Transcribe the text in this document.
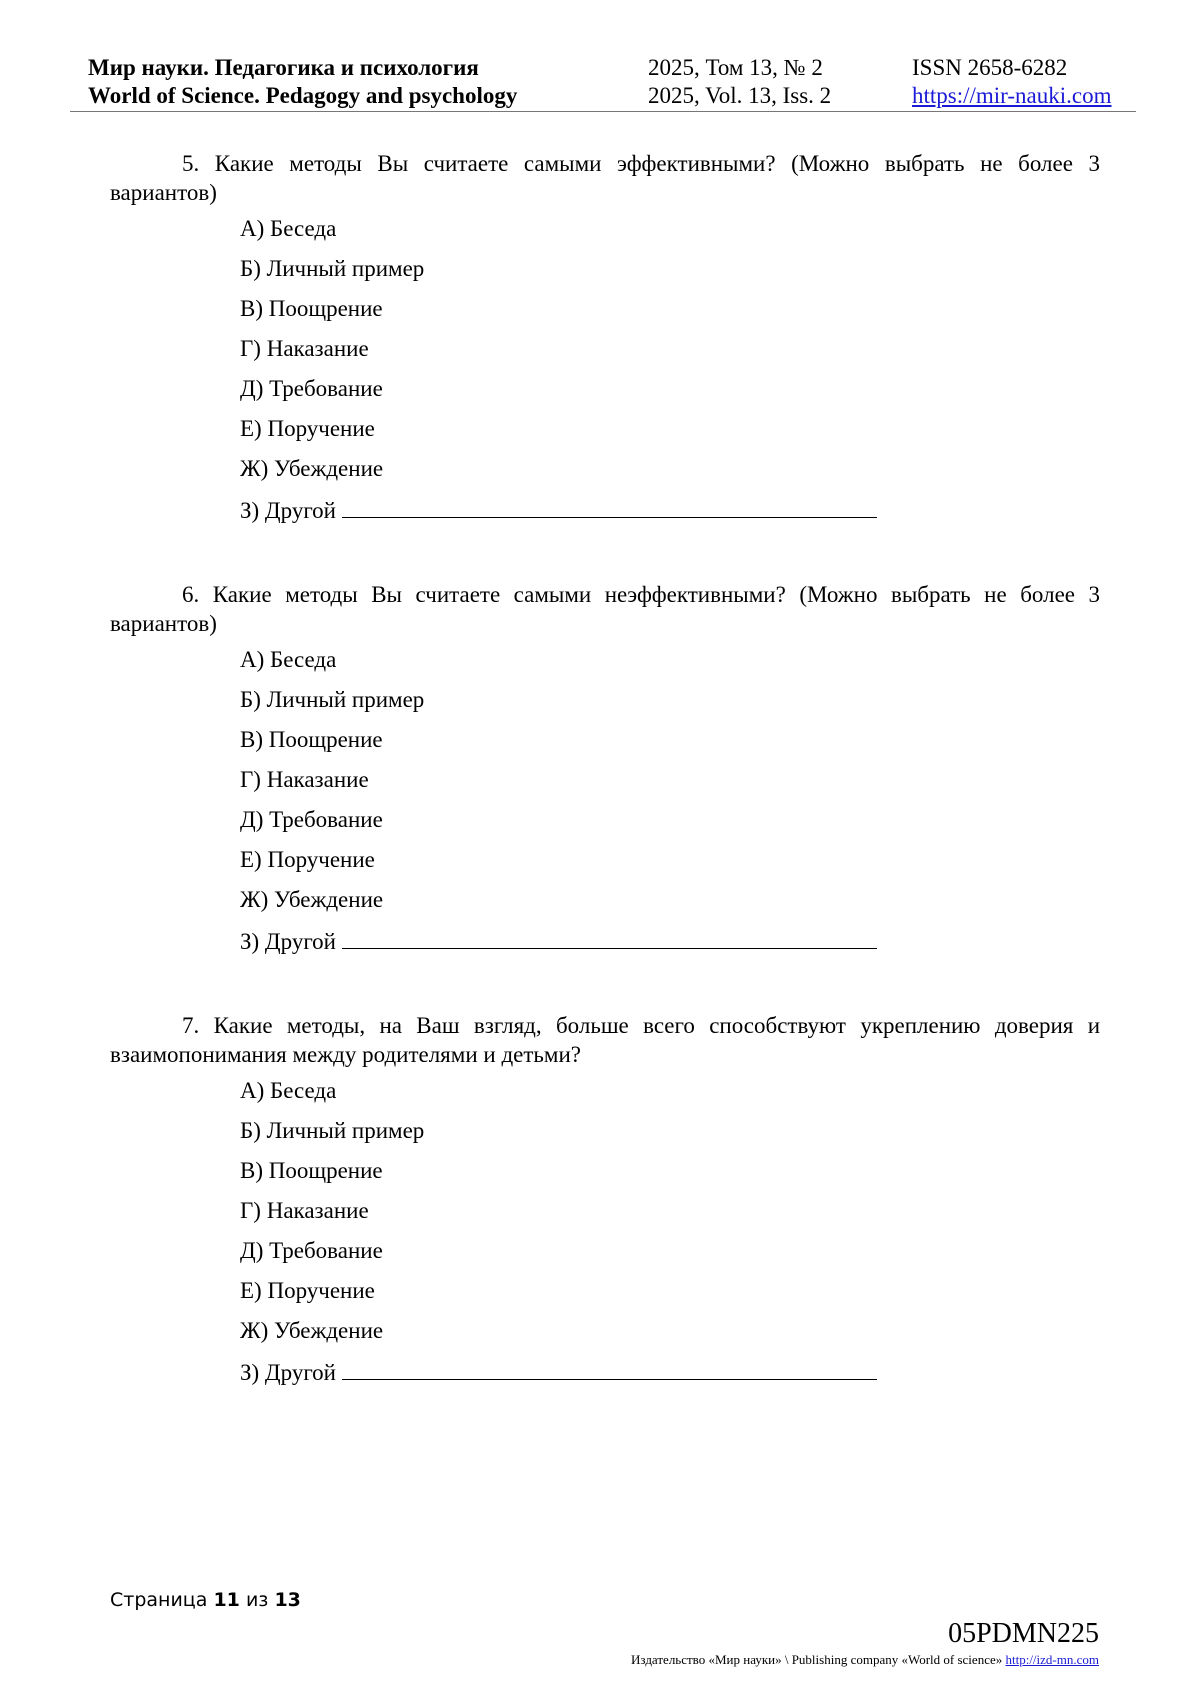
Мир науки. Педагогика и психология
World of Science. Pedagogy and psychology
2025, Том 13, № 2
2025, Vol. 13, Iss. 2
ISSN 2658-6282
https://mir-nauki.com
5. Какие методы Вы считаете самыми эффективными? (Можно выбрать не более 3 вариантов)
А) Беседа
Б) Личный пример
В) Поощрение
Г) Наказание
Д) Требование
Е) Поручение
Ж) Убеждение
З) Другой
6. Какие методы Вы считаете самыми неэффективными? (Можно выбрать не более 3 вариантов)
А) Беседа
Б) Личный пример
В) Поощрение
Г) Наказание
Д) Требование
Е) Поручение
Ж) Убеждение
З) Другой
7. Какие методы, на Ваш взгляд, больше всего способствуют укреплению доверия и взаимопонимания между родителями и детьми?
А) Беседа
Б) Личный пример
В) Поощрение
Г) Наказание
Д) Требование
Е) Поручение
Ж) Убеждение
З) Другой
Страница 11 из 13
05PDMN225
Издательство «Мир науки» \ Publishing company «World of science» http://izd-mn.com
